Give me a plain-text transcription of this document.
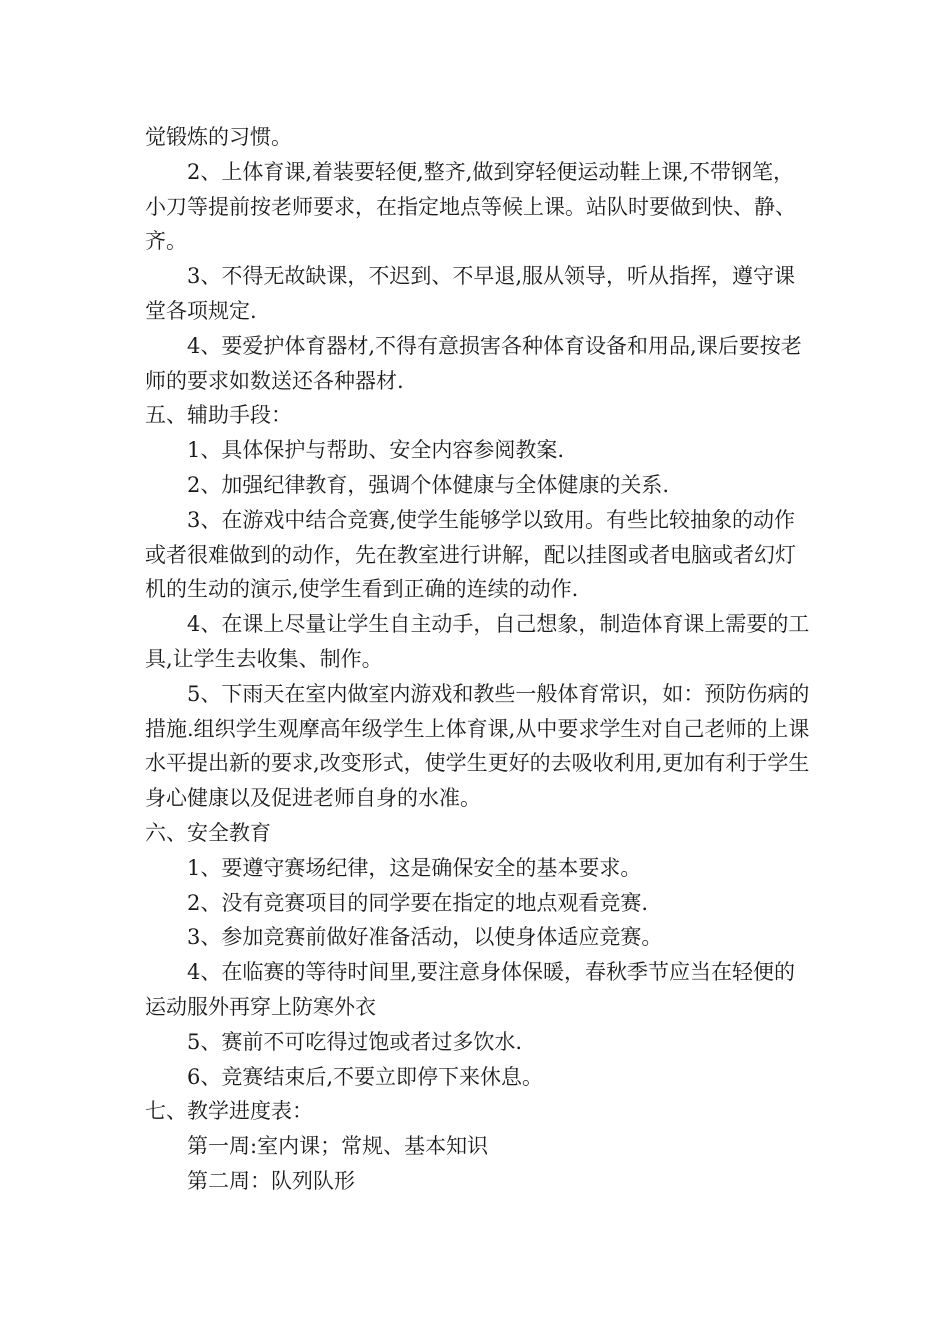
觉锻炼的习惯。

2、上体育课,着装要轻便,整齐,做到穿轻便运动鞋上课,不带钢笔，小刀等提前按老师要求，在指定地点等候上课。站队时要做到快、静、齐。

3、不得无故缺课，不迟到、不早退,服从领导，听从指挥，遵守课堂各项规定.

4、要爱护体育器材,不得有意损害各种体育设备和用品,课后要按老师的要求如数送还各种器材.

五、辅助手段：

1、具体保护与帮助、安全内容参阅教案.

2、加强纪律教育，强调个体健康与全体健康的关系.

3、在游戏中结合竞赛,使学生能够学以致用。有些比较抽象的动作或者很难做到的动作，先在教室进行讲解，配以挂图或者电脑或者幻灯机的生动的演示,使学生看到正确的连续的动作.

4、在课上尽量让学生自主动手，自己想象，制造体育课上需要的工具,让学生去收集、制作。

5、下雨天在室内做室内游戏和教些一般体育常识，如：预防伤病的措施.组织学生观摩高年级学生上体育课,从中要求学生对自己老师的上课水平提出新的要求,改变形式，使学生更好的去吸收利用,更加有利于学生身心健康以及促进老师自身的水准。

六、安全教育

1、要遵守赛场纪律，这是确保安全的基本要求。

2、没有竞赛项目的同学要在指定的地点观看竞赛.

3、参加竞赛前做好准备活动，以使身体适应竞赛。

4、在临赛的等待时间里,要注意身体保暖，春秋季节应当在轻便的运动服外再穿上防寒外衣

5、赛前不可吃得过饱或者过多饮水.

6、竞赛结束后,不要立即停下来休息。

七、教学进度表：

第一周:室内课；常规、基本知识

第二周：队列队形
